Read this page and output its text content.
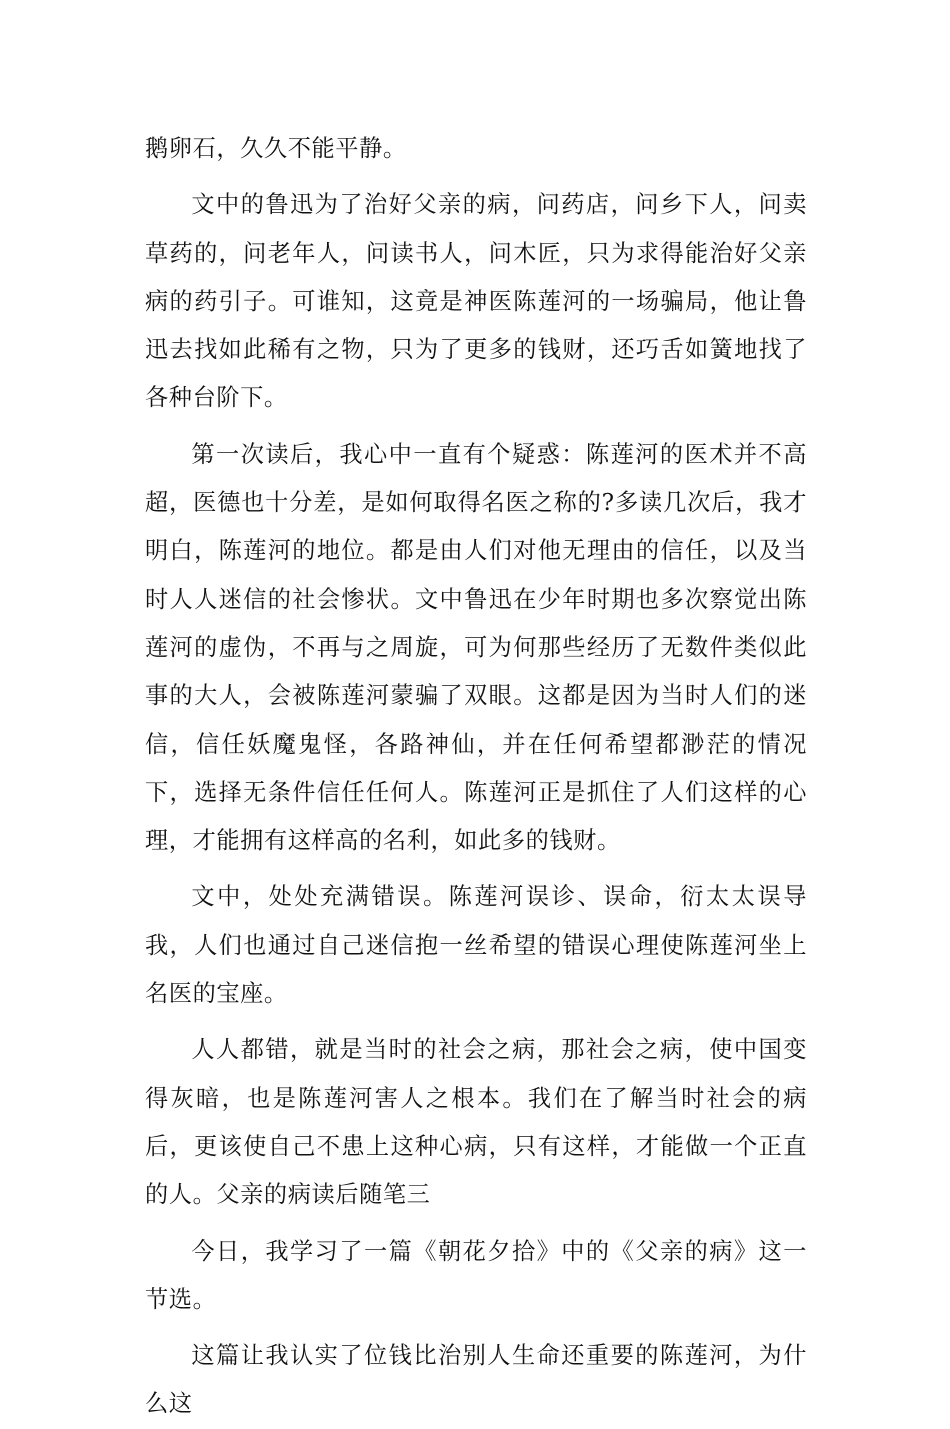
鹅卵石，久久不能平静。

文中的鲁迅为了治好父亲的病，问药店，问乡下人，问卖草药的，问老年人，问读书人，问木匠，只为求得能治好父亲病的药引子。可谁知，这竟是神医陈莲河的一场骗局，他让鲁迅去找如此稀有之物，只为了更多的钱财，还巧舌如簧地找了各种台阶下。

第一次读后，我心中一直有个疑惑：陈莲河的医术并不高超，医德也十分差，是如何取得名医之称的?多读几次后，我才明白，陈莲河的地位。都是由人们对他无理由的信任，以及当时人人迷信的社会惨状。文中鲁迅在少年时期也多次察觉出陈莲河的虚伪，不再与之周旋，可为何那些经历了无数件类似此事的大人，会被陈莲河蒙骗了双眼。这都是因为当时人们的迷信，信任妖魔鬼怪，各路神仙，并在任何希望都渺茫的情况下，选择无条件信任任何人。陈莲河正是抓住了人们这样的心理，才能拥有这样高的名利，如此多的钱财。

文中，处处充满错误。陈莲河误诊、误命，衍太太误导我，人们也通过自己迷信抱一丝希望的错误心理使陈莲河坐上名医的宝座。

人人都错，就是当时的社会之病，那社会之病，使中国变得灰暗，也是陈莲河害人之根本。我们在了解当时社会的病后，更该使自己不患上这种心病，只有这样，才能做一个正直的人。父亲的病读后随笔三

今日，我学习了一篇《朝花夕拾》中的《父亲的病》这一节选。

这篇让我认实了位钱比治别人生命还重要的陈莲河，为什么这
